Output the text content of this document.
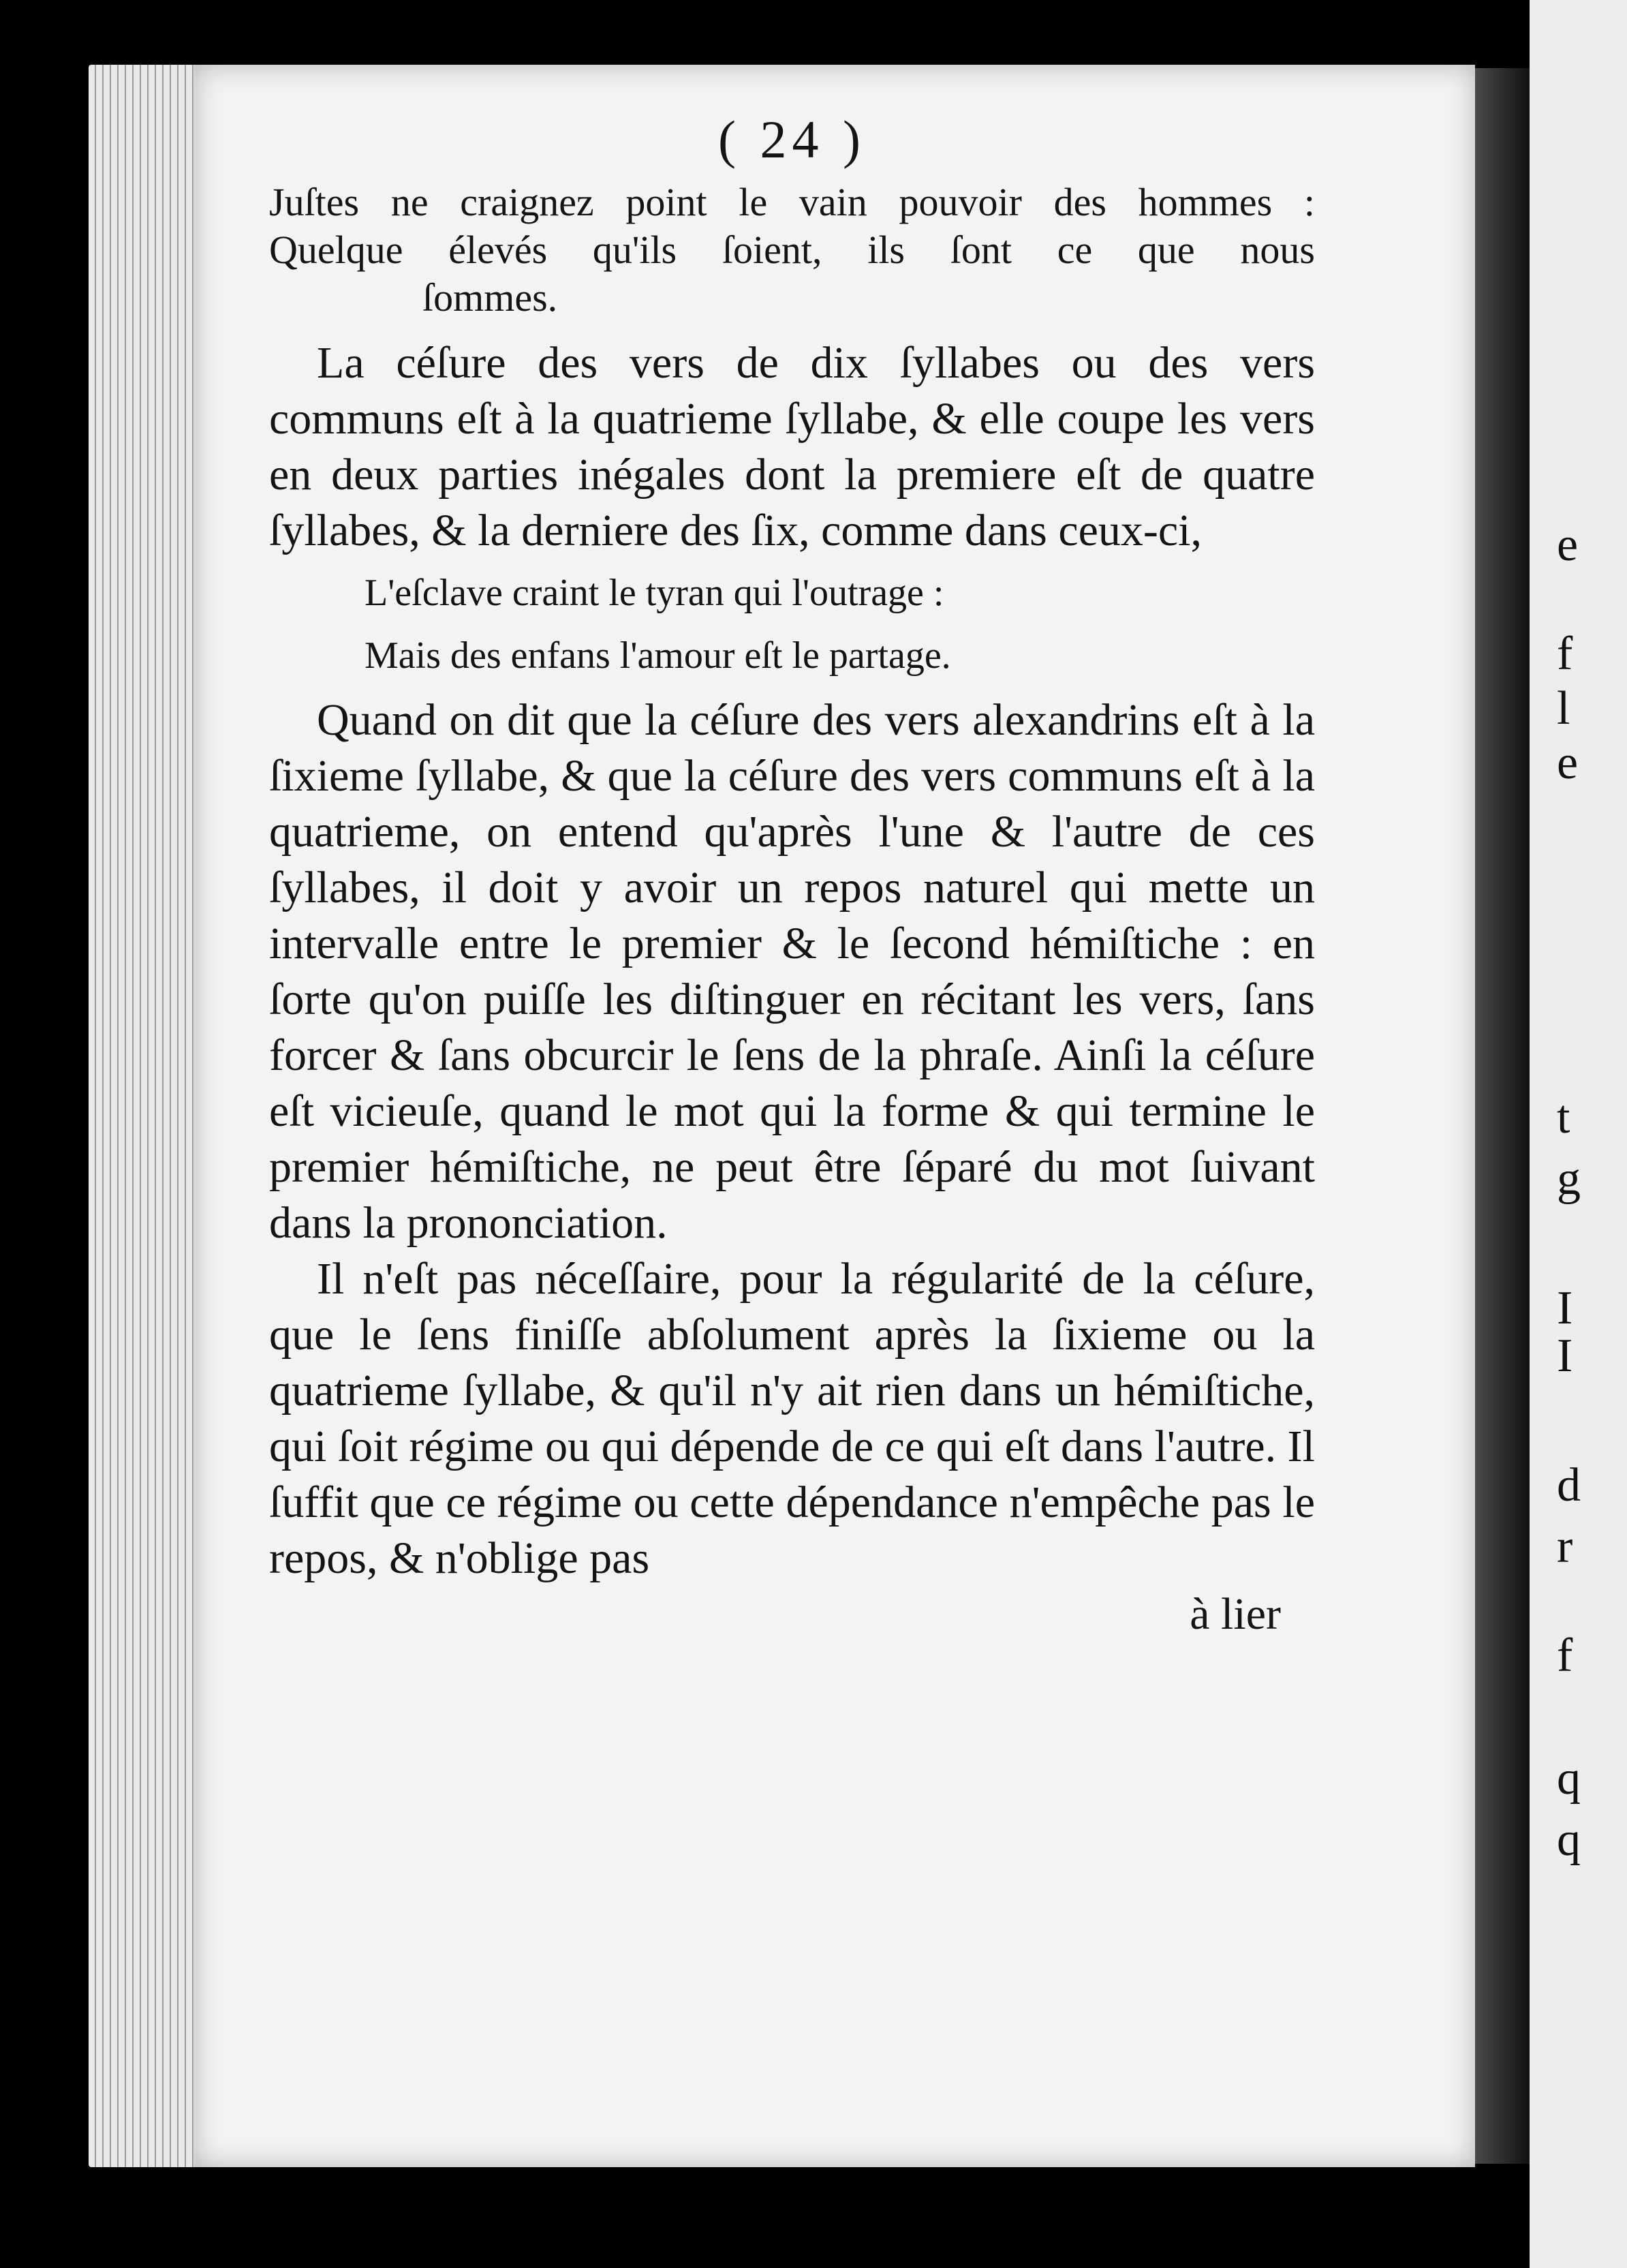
e
f
l
e
t
g
I
I
d
r
f
q
q
( 24 )

Juſtes ne craignez point le vain pouvoir des hommes :

Quelque élevés qu'ils ſoient, ils ſont ce que nous

ſommes.

La céſure des vers de dix ſyllabes ou des vers communs eſt à la quatrieme ſyllabe, & elle coupe les vers en deux parties inégales dont la premiere eſt de quatre ſyllabes, & la derniere des ſix, comme dans ceux-ci,

L'eſclave craint le tyran qui l'outrage :
Mais des enfans l'amour eſt le partage.

Quand on dit que la céſure des vers alexandrins eſt à la ſixieme ſyllabe, & que la céſure des vers communs eſt à la quatrieme, on entend qu'après l'une & l'autre de ces ſyllabes, il doit y avoir un repos naturel qui mette un intervalle entre le premier & le ſecond hémiſtiche : en ſorte qu'on puiſſe les diſtinguer en récitant les vers, ſans forcer & ſans obcurcir le ſens de la phraſe. Ainſi la céſure eſt vicieuſe, quand le mot qui la forme & qui termine le premier hémiſtiche, ne peut être ſéparé du mot ſuivant dans la prononciation.

Il n'eſt pas néceſſaire, pour la régularité de la céſure, que le ſens finiſſe abſolument après la ſixieme ou la quatrieme ſyllabe, & qu'il n'y ait rien dans un hémiſtiche, qui ſoit régime ou qui dépende de ce qui eſt dans l'autre. Il ſuffit que ce régime ou cette dépendance n'empêche pas le repos, & n'oblige pas

à lier
